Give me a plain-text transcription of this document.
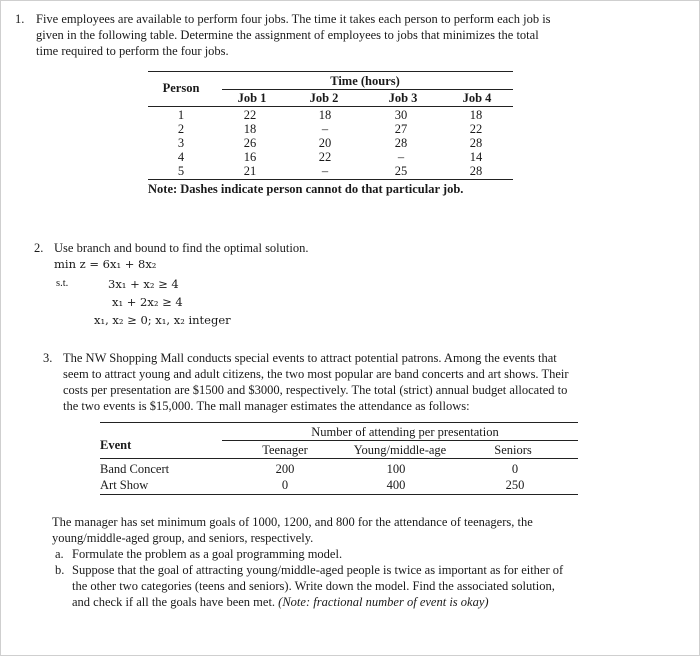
1. Five employees are available to perform four jobs. The time it takes each person to perform each job is

given in the following table. Determine the assignment of employees to jobs that minimizes the total

time required to perform the four jobs.

Person	Time (hours)
Job 1	Job 2	Job 3	Job 4
1	22	18	30	18
2	18	–	27	22
3	26	20	28	28
4	16	22	–	14
5	21	–	25	28

Note: Dashes indicate person cannot do that particular job.

2. Use branch and bound to find the optimal solution.

min z = 6x₁ + 8x₂

s.t.	3x₁ + x₂ ≥ 4

x₁ + 2x₂ ≥ 4

x₁, x₂ ≥ 0; x₁, x₂ integer

3. The NW Shopping Mall conducts special events to attract potential patrons. Among the events that

seem to attract young and adult citizens, the two most popular are band concerts and art shows. Their

costs per presentation are $1500 and $3000, respectively. The total (strict) annual budget allocated to

the two events is $15,000. The mall manager estimates the attendance as follows:

Event
Number of attending per presentation
Teenager	Young/middle-age	Seniors
Band Concert	200	100	0
Art Show	0	400	250

The manager has set minimum goals of 1000, 1200, and 800 for the attendance of teenagers, the

young/middle-aged group, and seniors, respectively.

a. Formulate the problem as a goal programming model.

b. Suppose that the goal of attracting young/middle-aged people is twice as important as for either of

the other two categories (teens and seniors). Write down the model. Find the associated solution,

and check if all the goals have been met. (Note: fractional number of event is okay)
